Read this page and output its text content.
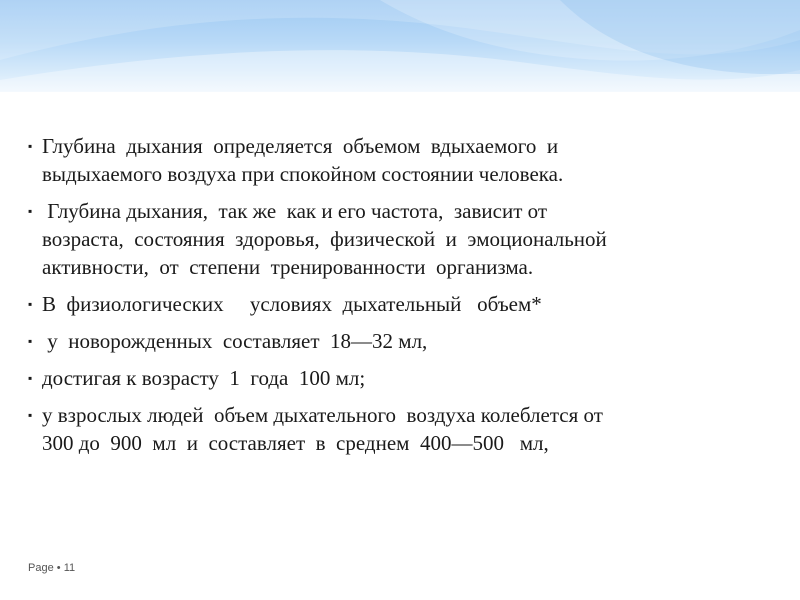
▪ Глубина  дыхания  определяется  объемом  вдыхаемого  и
выдыхаемого воздуха при спокойном состоянии человека.
▪ Глубина дыхания,  так же  как и его частота,  зависит от
возраста,  состояния  здоровья,  физической  и  эмоциональной
активности,  от  степени  тренированности  организма.
▪ В  физиологических     условиях  дыхательный   объем*
▪ у  новорожденных  составляет  18—32 мл,
▪ достигая к возрасту  1  года  100 мл;
▪ у взрослых людей  объем дыхательного  воздуха колеблется от
300 до  900  мл  и  составляет  в  среднем  400—500   мл,
Page • 11
